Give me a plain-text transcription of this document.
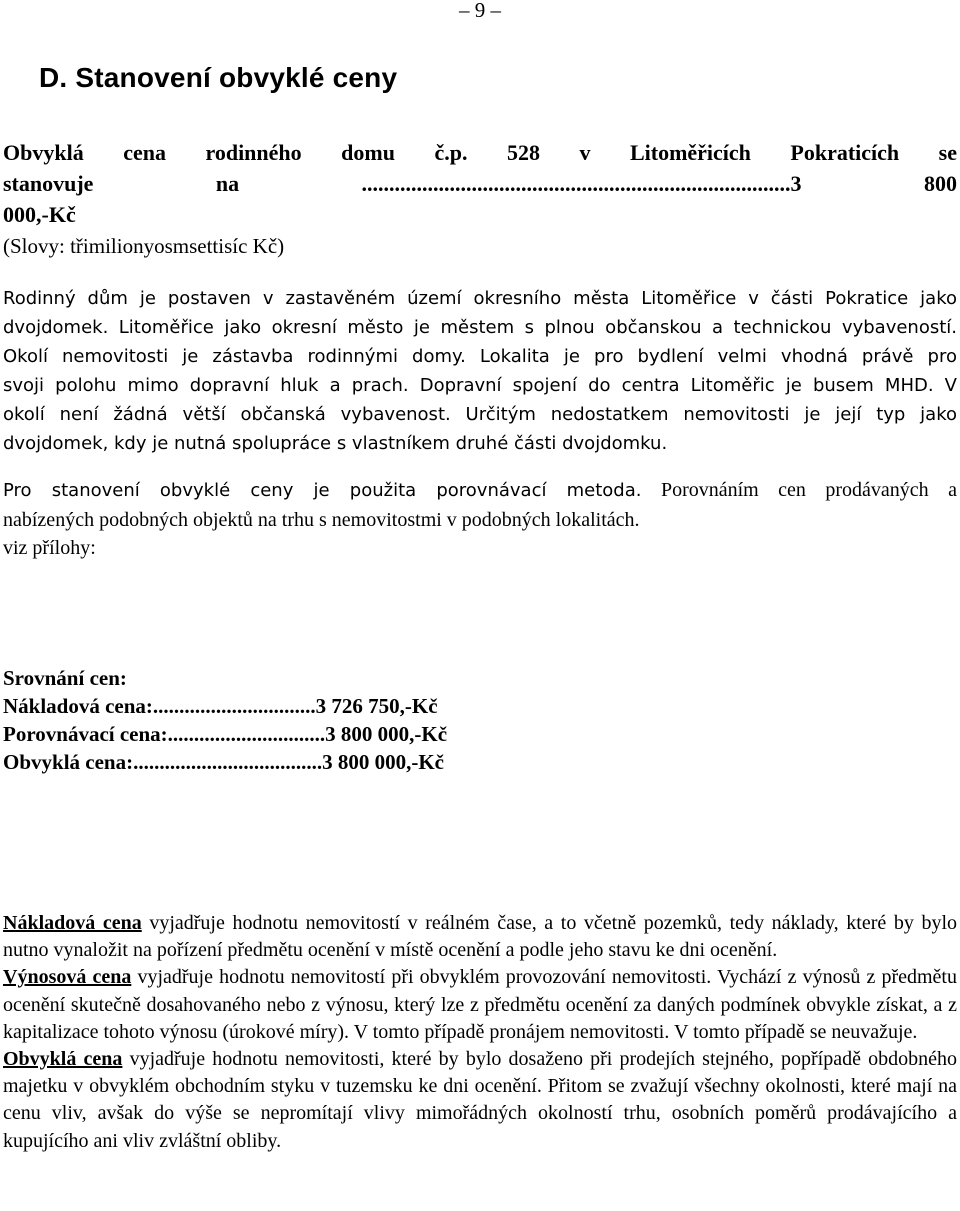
– 9 –
D. Stanovení obvyklé ceny
Obvyklá cena rodinného domu č.p. 528 v Litoměřicích Pokraticích se
stanovuje na ..............................................................................3 800
000,-Kč
(Slovy: třimilionyosmsettisíc Kč)
Rodinný dům je postaven v zastavěném území okresního města Litoměřice v části Pokratice jako
dvojdomek. Litoměřice jako okresní město je městem s plnou občanskou a technickou vybaveností.
Okolí nemovitosti je zástavba rodinnými domy. Lokalita je pro bydlení velmi vhodná právě pro
svoji polohu mimo dopravní hluk a prach. Dopravní spojení do centra Litoměřic je busem MHD. V
okolí není žádná větší občanská vybavenost. Určitým nedostatkem nemovitosti je její typ jako
dvojdomek, kdy je nutná spolupráce s vlastníkem druhé části dvojdomku.
Pro stanovení obvyklé ceny je použita porovnávací metoda. Porovnáním cen prodávaných a
nabízených podobných objektů na trhu s nemovitostmi v podobných lokalitách.
viz přílohy:
Srovnání cen:
Nákladová cena:...............................3 726 750,-Kč
Porovnávací cena:..............................3 800 000,-Kč
Obvyklá cena:....................................3 800 000,-Kč

Nákladová cena vyjadřuje hodnotu nemovitostí v reálném čase, a to včetně pozemků, tedy náklady, které by bylo nutno vynaložit na pořízení předmětu ocenění v místě ocenění a podle jeho stavu ke dni ocenění.

Výnosová cena vyjadřuje hodnotu nemovitostí při obvyklém provozování nemovitosti. Vychází z výnosů z předmětu ocenění skutečně dosahovaného nebo z výnosu, který lze z předmětu ocenění za daných podmínek obvykle získat, a z kapitalizace tohoto výnosu (úrokové míry). V tomto případě pronájem nemovitosti. V tomto případě se neuvažuje.

Obvyklá cena vyjadřuje hodnotu nemovitosti, které by bylo dosaženo při prodejích stejného, popřípadě obdobného majetku v obvyklém obchodním styku v tuzemsku ke dni ocenění. Přitom se zvažují všechny okolnosti, které mají na cenu vliv, avšak do výše se nepromítají vlivy mimořádných okolností trhu, osobních poměrů prodávajícího a kupujícího ani vliv zvláštní obliby.
